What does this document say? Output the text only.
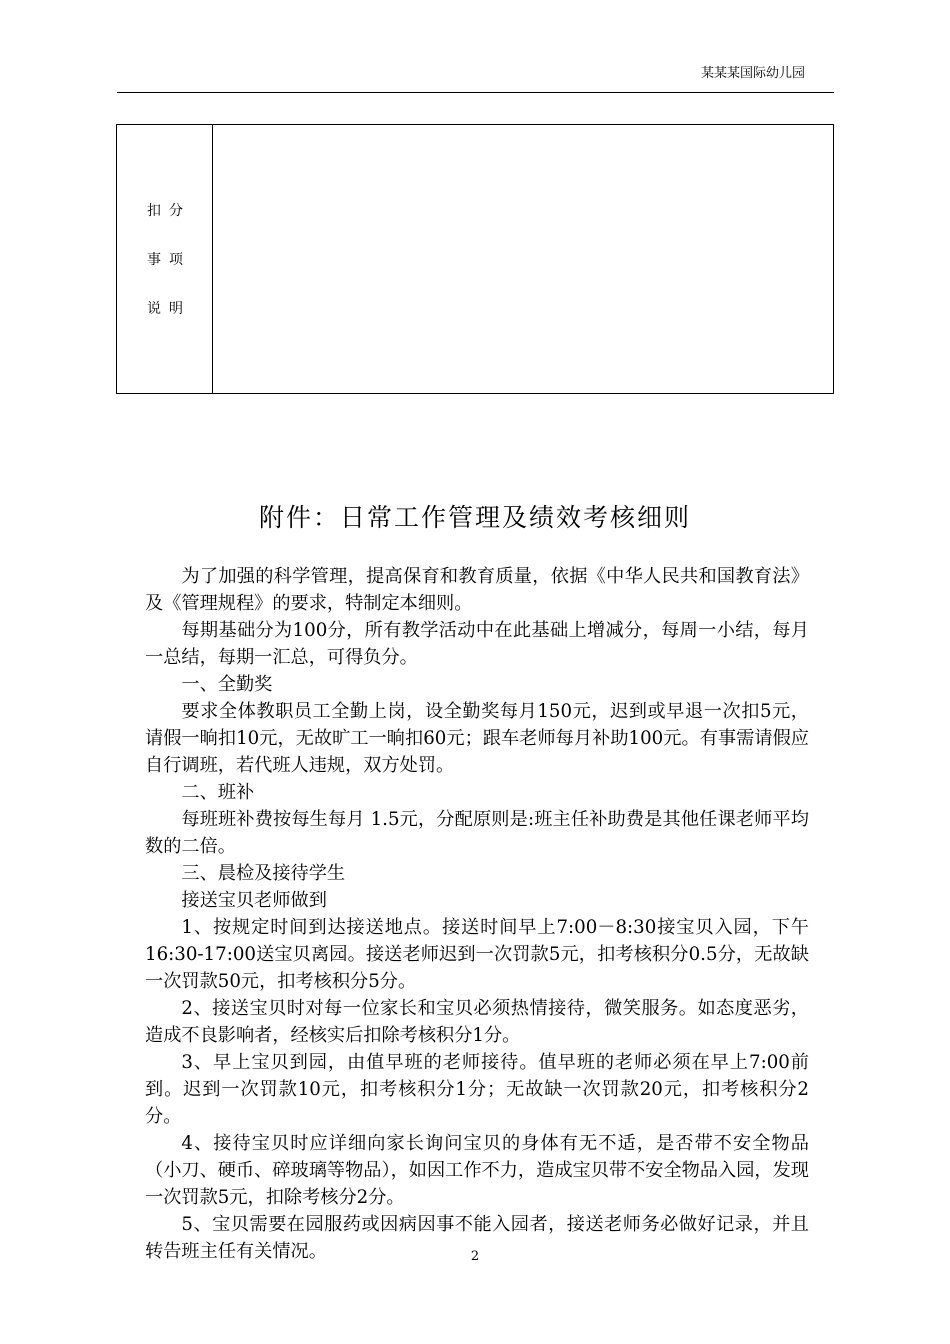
某某某国际幼儿园
扣分
事项
说明
附件：日常工作管理及绩效考核细则

为了加强的科学管理，提高保育和教育质量，依据《中华人民共和国教育法》及《管理规程》的要求，特制定本细则。

每期基础分为100分，所有教学活动中在此基础上增减分，每周一小结，每月一总结，每期一汇总，可得负分。

一、全勤奖

要求全体教职员工全勤上岗，设全勤奖每月150元，迟到或早退一次扣5元，请假一晌扣10元，无故旷工一晌扣60元；跟车老师每月补助100元。有事需请假应自行调班，若代班人违规，双方处罚。

二、班补

每班班补费按每生每月 1.5元，分配原则是:班主任补助费是其他任课老师平均数的二倍。

三、晨检及接待学生

接送宝贝老师做到

1、按规定时间到达接送地点。接送时间早上7:00－8:30接宝贝入园，下午16:30-17:00送宝贝离园。接送老师迟到一次罚款5元，扣考核积分0.5分，无故缺一次罚款50元，扣考核积分5分。

2、接送宝贝时对每一位家长和宝贝必须热情接待，微笑服务。如态度恶劣，造成不良影响者，经核实后扣除考核积分1分。

3、早上宝贝到园，由值早班的老师接待。值早班的老师必须在早上7:00前到。迟到一次罚款10元，扣考核积分1分；无故缺一次罚款20元，扣考核积分2分。

4、接待宝贝时应详细向家长询问宝贝的身体有无不适，是否带不安全物品（小刀、硬币、碎玻璃等物品），如因工作不力，造成宝贝带不安全物品入园，发现一次罚款5元，扣除考核分2分。

5、宝贝需要在园服药或因病因事不能入园者，接送老师务必做好记录，并且转告班主任有关情况。	2
